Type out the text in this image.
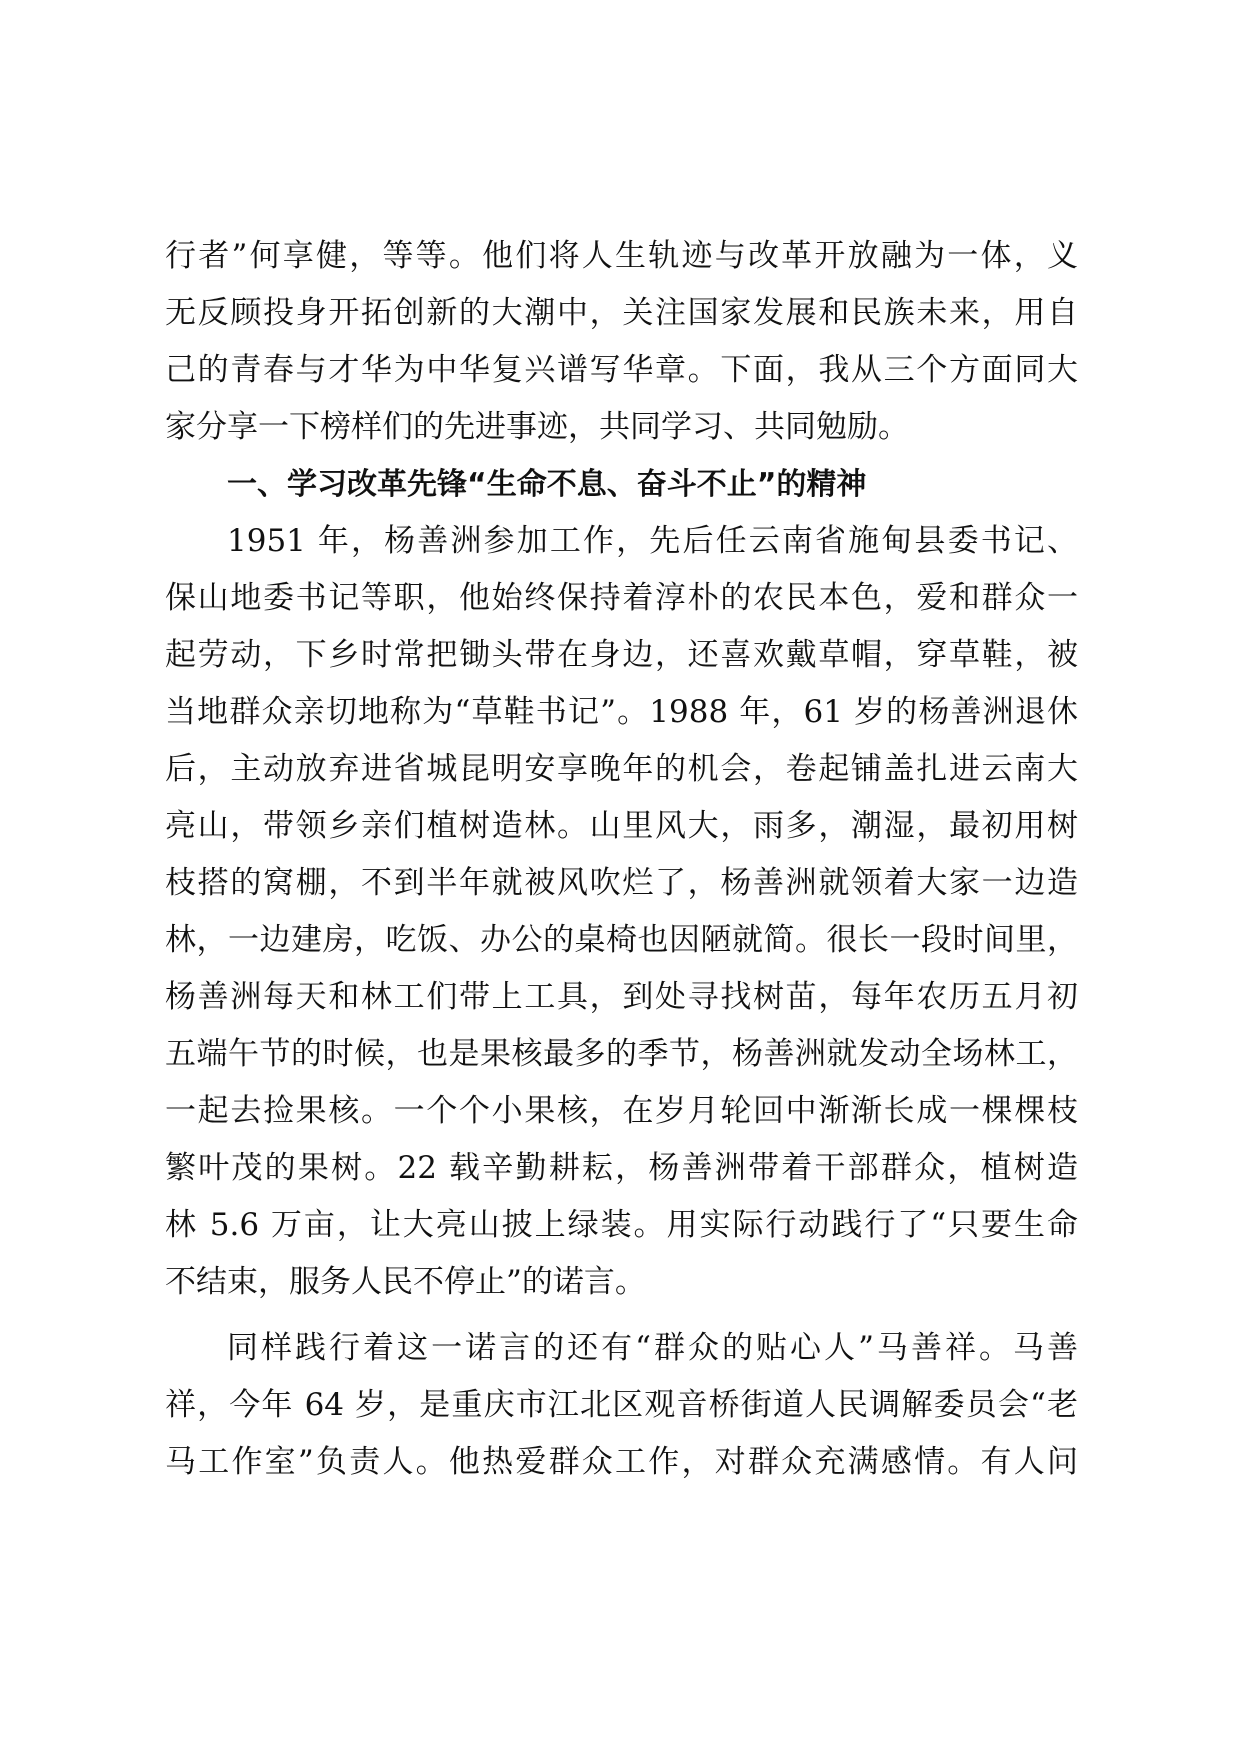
行者”何享健，等等。他们将人生轨迹与改革开放融为一体，义
无反顾投身开拓创新的大潮中，关注国家发展和民族未来，用自
己的青春与才华为中华复兴谱写华章。下面，我从三个方面同大
家分享一下榜样们的先进事迹，共同学习、共同勉励。
一、学习改革先锋“生命不息、奋斗不止”的精神
1951 年，杨善洲参加工作，先后任云南省施甸县委书记、
保山地委书记等职，他始终保持着淳朴的农民本色，爱和群众一
起劳动，下乡时常把锄头带在身边，还喜欢戴草帽，穿草鞋，被
当地群众亲切地称为“草鞋书记”。1988 年，61 岁的杨善洲退休
后，主动放弃进省城昆明安享晚年的机会，卷起铺盖扎进云南大
亮山，带领乡亲们植树造林。山里风大，雨多，潮湿，最初用树
枝搭的窝棚，不到半年就被风吹烂了，杨善洲就领着大家一边造
林，一边建房，吃饭、办公的桌椅也因陋就简。很长一段时间里，
杨善洲每天和林工们带上工具，到处寻找树苗，每年农历五月初
五端午节的时候，也是果核最多的季节，杨善洲就发动全场林工，
一起去捡果核。一个个小果核，在岁月轮回中渐渐长成一棵棵枝
繁叶茂的果树。22 载辛勤耕耘，杨善洲带着干部群众，植树造
林 5.6 万亩，让大亮山披上绿装。用实际行动践行了“只要生命
不结束，服务人民不停止”的诺言。
同样践行着这一诺言的还有“群众的贴心人”马善祥。马善
祥，今年 64 岁，是重庆市江北区观音桥街道人民调解委员会“老
马工作室”负责人。他热爱群众工作，对群众充满感情。有人问
